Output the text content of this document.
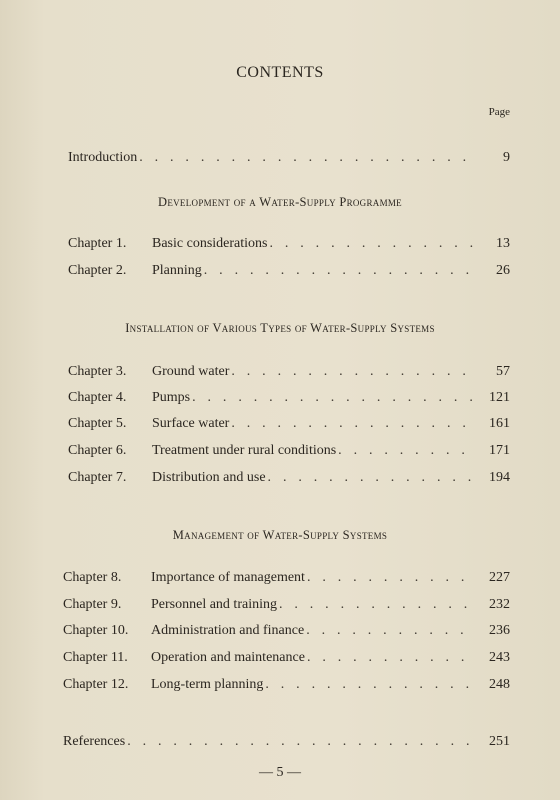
CONTENTS
Page
Introduction . . .	9
Development of a Water-Supply Programme
Chapter 1.	Basic considerations . . .	13
Chapter 2.	Planning . . .	26
Installation of Various Types of Water-Supply Systems
Chapter 3.	Ground water . . .	57
Chapter 4.	Pumps . . .	121
Chapter 5.	Surface water . . .	161
Chapter 6.	Treatment under rural conditions . . .	171
Chapter 7.	Distribution and use . . .	194
Management of Water-Supply Systems
Chapter 8.	Importance of management . . .	227
Chapter 9.	Personnel and training . . .	232
Chapter 10.	Administration and finance . . .	236
Chapter 11.	Operation and maintenance . . .	243
Chapter 12.	Long-term planning . . .	248
References . . .	251
— 5 —
